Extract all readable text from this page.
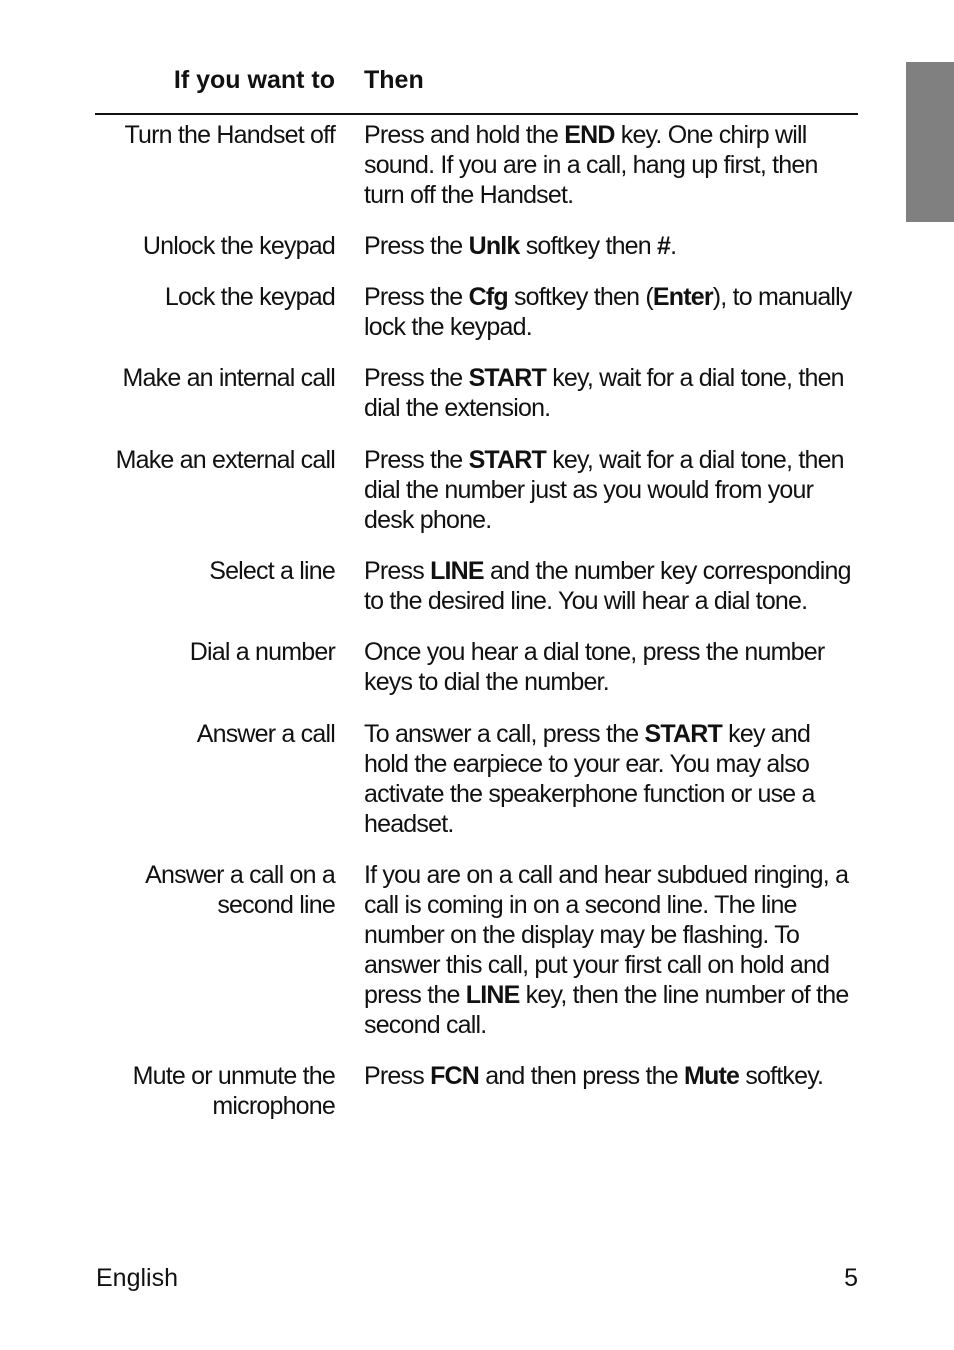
If you want to Then
Turn the Handset off Press and hold the END key. One chirp will sound. If you are in a call, hang up first, then turn off the Handset.
Unlock the keypad Press the Unlk softkey then #.
Lock the keypad Press the Cfg softkey then (Enter), to manually lock the keypad.
Make an internal call Press the START key, wait for a dial tone, then dial the extension.
Make an external call Press the START key, wait for a dial tone, then dial the number just as you would from your desk phone.
Select a line Press LINE and the number key corresponding to the desired line. You will hear a dial tone.
Dial a number Once you hear a dial tone, press the number keys to dial the number.
Answer a call To answer a call, press the START key and hold the earpiece to your ear. You may also activate the speakerphone function or use a headset.
Answer a call on a second line
If you are on a call and hear subdued ringing, a call is coming in on a second line. The line number on the display may be flashing. To answer this call, put your first call on hold and press the LINE key, then the line number of the second call.
Mute or unmute the microphone
Press FCN and then press the Mute softkey.
English	5
